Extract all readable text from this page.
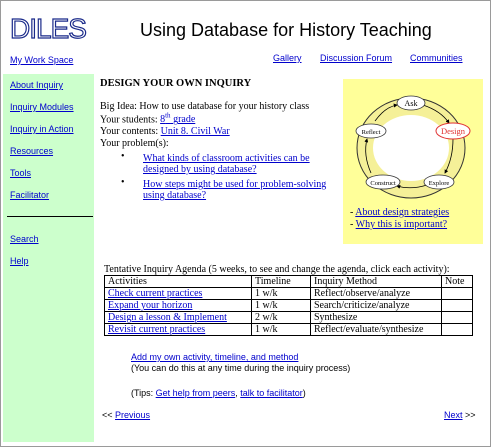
DILES	Using Database for History Teaching
My Work Space	Gallery Discussion Forum Communities
About Inquiry
Inquiry Modules
Inquiry in Action
Resources
Tools
Facilitator
Search
Help
DESIGN YOUR OWN INQUIRY
Big Idea: How to use database for your history class
Your students: 8th grade
Your contents: Unit 8. Civil War
Your problem(s):
• What kinds of classroom activities can be designed by using database?
• How steps might be used for problem-solving using database?
Ask
Design
Reflect
Construct	Explore
- About design strategies
- Why this is important?
Tentative Inquiry Agenda (5 weeks, to see and change the agenda, click each activity):
Activities	Timeline	Inquiry Method	Note
Check current practices	1 w/k	Reflect/observe/analyze	
Expand your horizon	1 w/k	Search/criticize/analyze	
Design a lesson & Implement	2 w/k	Synthesize	
Revisit current practices	1 w/k	Reflect/evaluate/synthesize	
Add my own activity, timeline, and method
(You can do this at any time during the inquiry process)
(Tips: Get help from peers, talk to facilitator)
<< Previous	Next >>
